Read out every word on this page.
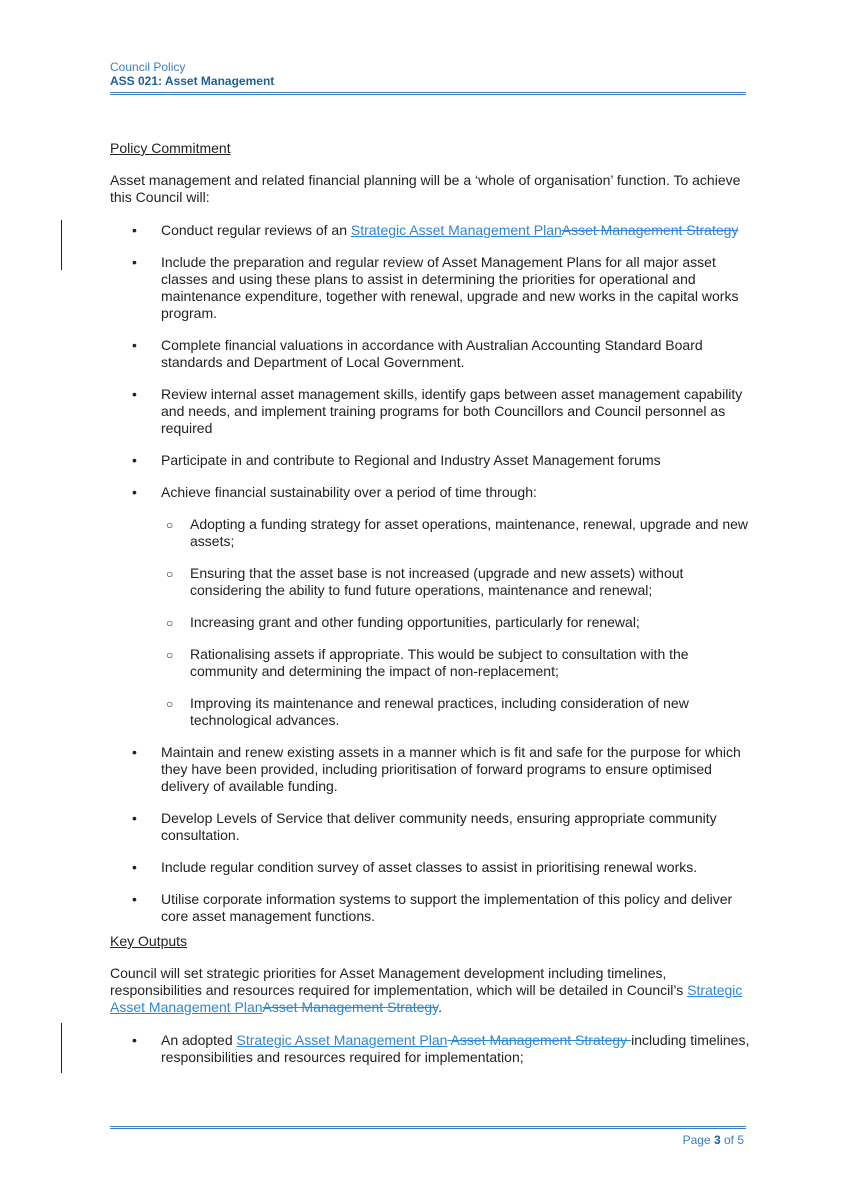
Council Policy
ASS 021: Asset Management
Policy Commitment
Asset management and related financial planning will be a ‘whole of organisation’ function. To achieve this Council will:
• Conduct regular reviews of an Strategic Asset Management PlanAsset Management Strategy
• Include the preparation and regular review of Asset Management Plans for all major asset classes and using these plans to assist in determining the priorities for operational and maintenance expenditure, together with renewal, upgrade and new works in the capital works program.
• Complete financial valuations in accordance with Australian Accounting Standard Board standards and Department of Local Government.
• Review internal asset management skills, identify gaps between asset management capability and needs, and implement training programs for both Councillors and Council personnel as required
• Participate in and contribute to Regional and Industry Asset Management forums
• Achieve financial sustainability over a period of time through:
○ Adopting a funding strategy for asset operations, maintenance, renewal, upgrade and new assets;
○ Ensuring that the asset base is not increased (upgrade and new assets) without considering the ability to fund future operations, maintenance and renewal;
○ Increasing grant and other funding opportunities, particularly for renewal;
○ Rationalising assets if appropriate. This would be subject to consultation with the community and determining the impact of non-replacement;
○ Improving its maintenance and renewal practices, including consideration of new technological advances.
• Maintain and renew existing assets in a manner which is fit and safe for the purpose for which they have been provided, including prioritisation of forward programs to ensure optimised delivery of available funding.
• Develop Levels of Service that deliver community needs, ensuring appropriate community consultation.
• Include regular condition survey of asset classes to assist in prioritising renewal works.
• Utilise corporate information systems to support the implementation of this policy and deliver core asset management functions.
Key Outputs
Council will set strategic priorities for Asset Management development including timelines, responsibilities and resources required for implementation, which will be detailed in Council’s Strategic Asset Management PlanAsset Management Strategy.
• An adopted Strategic Asset Management Plan Asset Management Strategy including timelines, responsibilities and resources required for implementation;
Page 3 of 5
